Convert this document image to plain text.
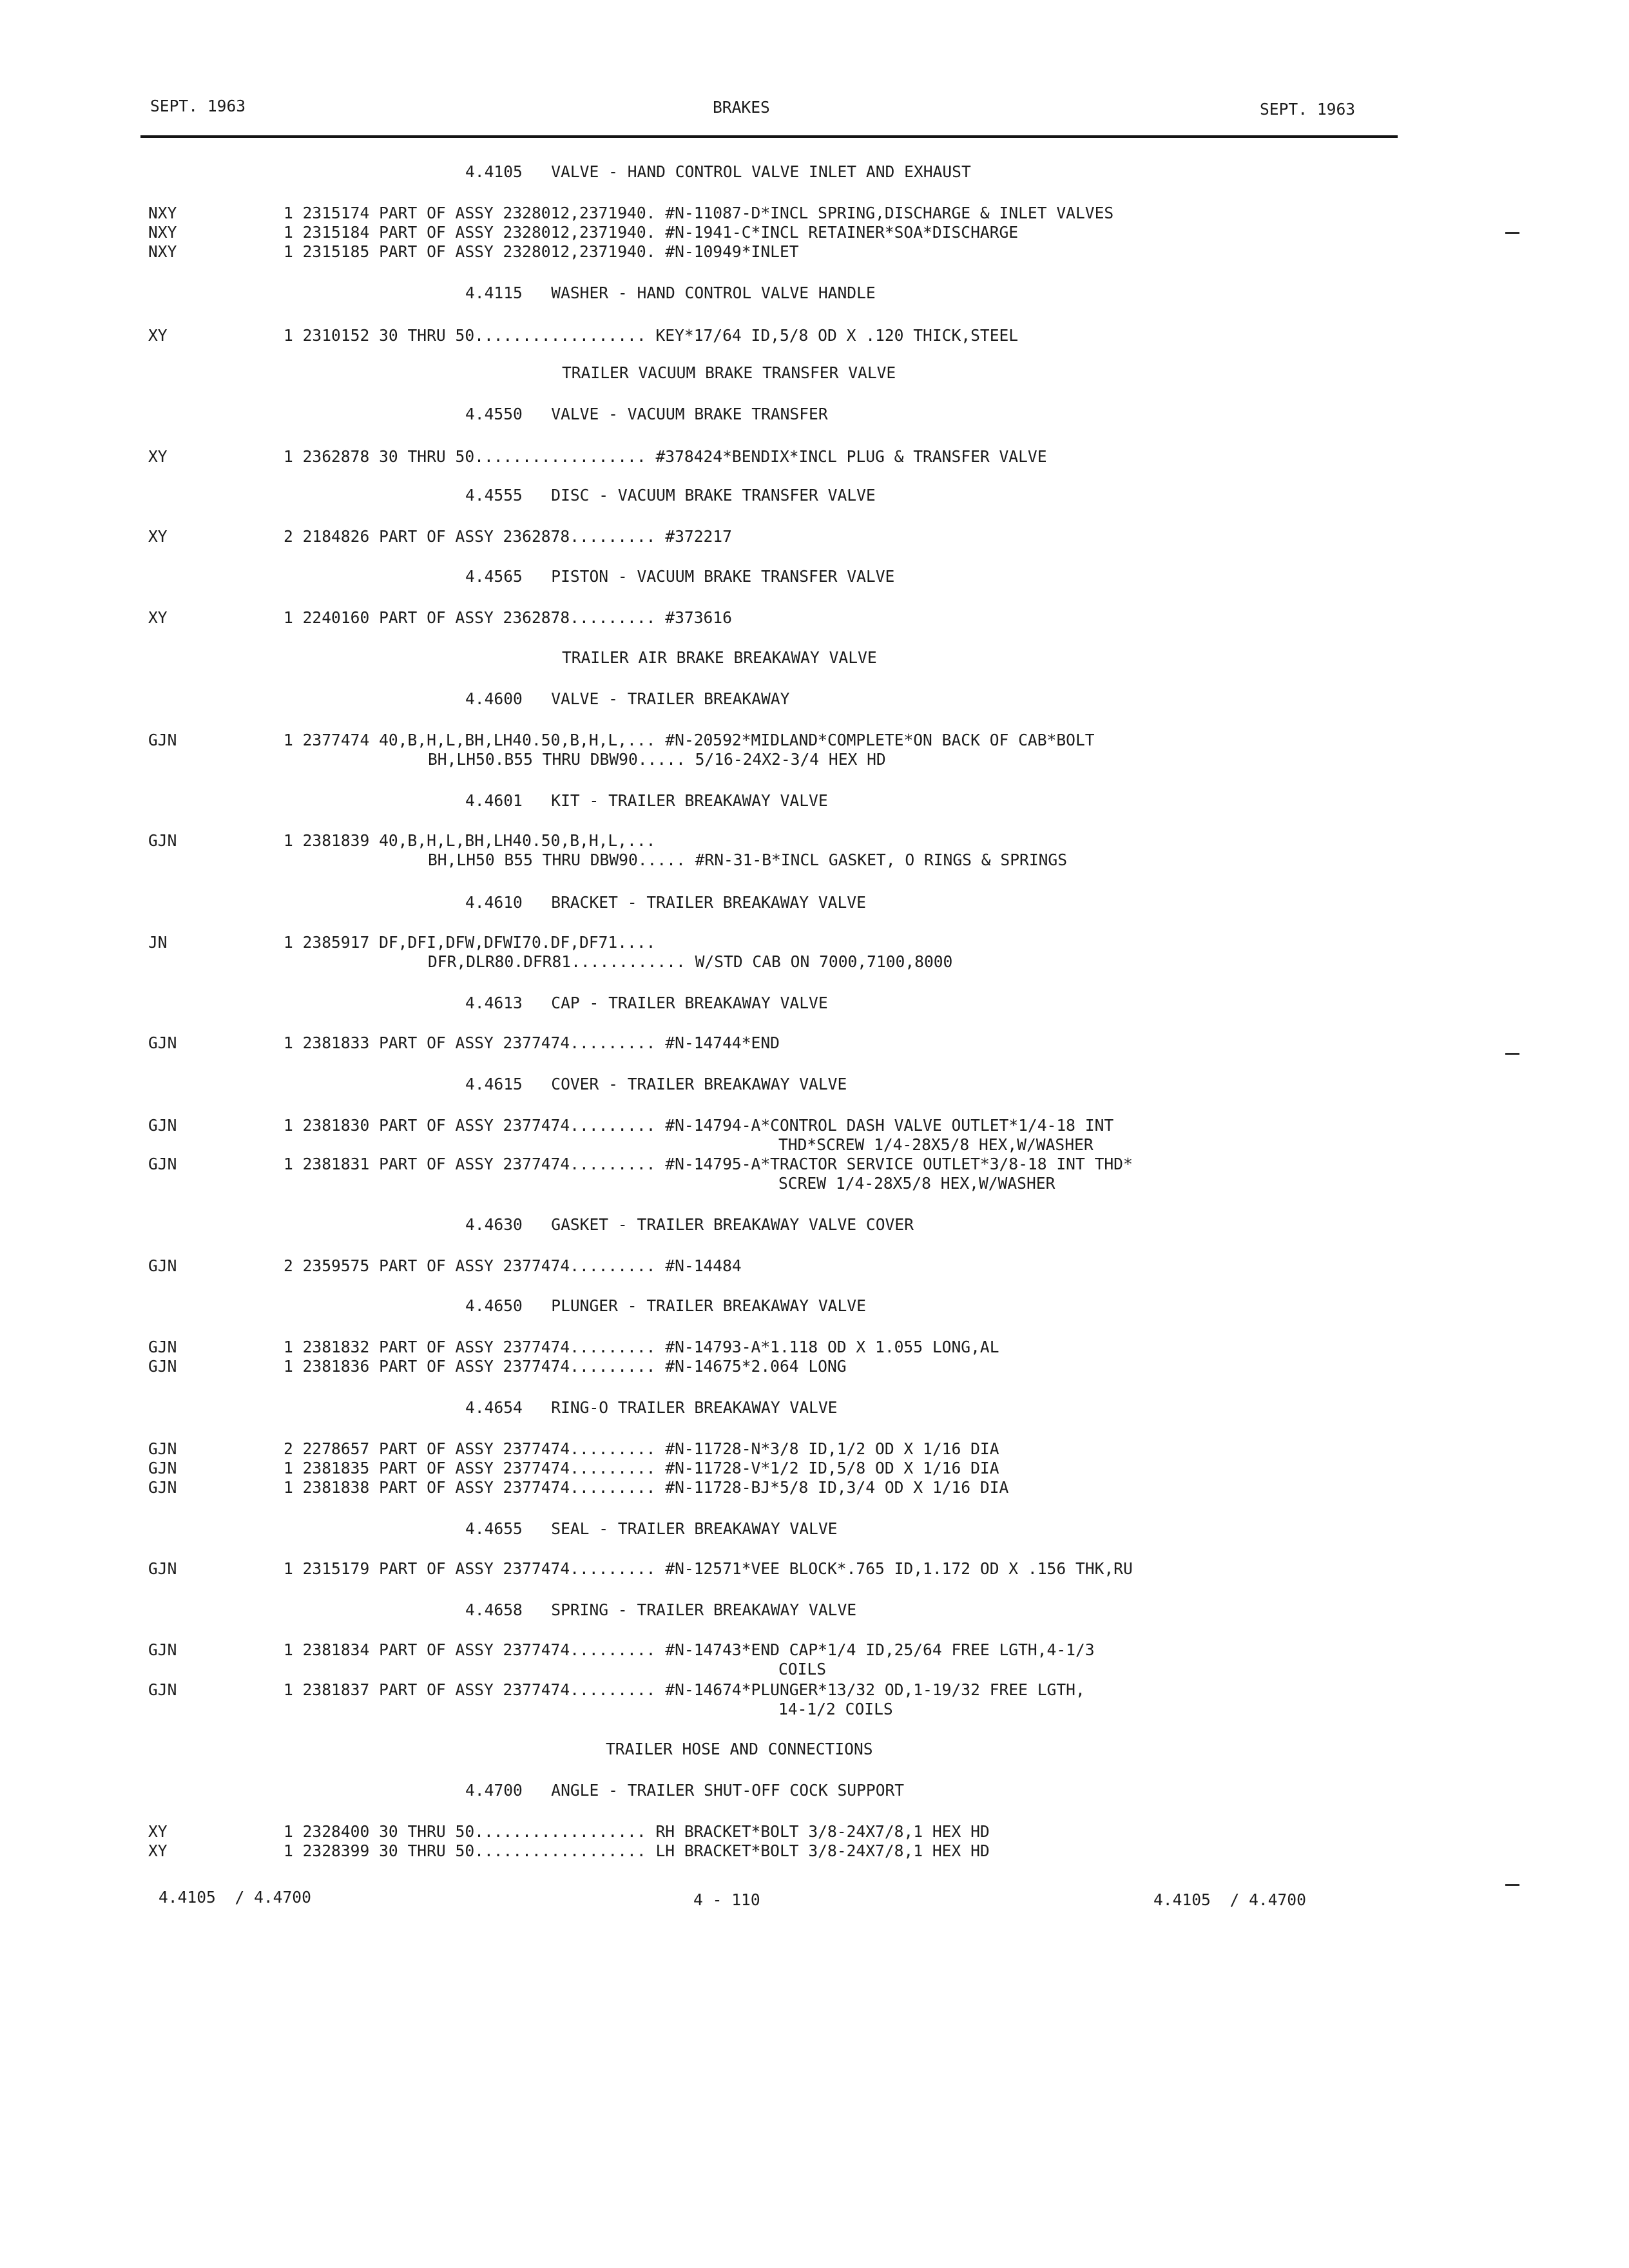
SEPT. 1963	BRAKES	SEPT. 1963
4.4105   VALVE - HAND CONTROL VALVE INLET AND EXHAUST
NXY	1 2315174 PART OF ASSY 2328012,2371940. #N-11087-D*INCL SPRING,DISCHARGE & INLET VALVES
NXY	1 2315184 PART OF ASSY 2328012,2371940. #N-1941-C*INCL RETAINER*SOA*DISCHARGE
NXY	1 2315185 PART OF ASSY 2328012,2371940. #N-10949*INLET
4.4115   WASHER - HAND CONTROL VALVE HANDLE
XY	1 2310152 30 THRU 50.................. KEY*17/64 ID,5/8 OD X .120 THICK,STEEL
TRAILER VACUUM BRAKE TRANSFER VALVE
4.4550   VALVE - VACUUM BRAKE TRANSFER
XY	1 2362878 30 THRU 50.................. #378424*BENDIX*INCL PLUG & TRANSFER VALVE
4.4555   DISC - VACUUM BRAKE TRANSFER VALVE
XY	2 2184826 PART OF ASSY 2362878......... #372217
4.4565   PISTON - VACUUM BRAKE TRANSFER VALVE
XY	1 2240160 PART OF ASSY 2362878......... #373616
TRAILER AIR BRAKE BREAKAWAY VALVE
4.4600   VALVE - TRAILER BREAKAWAY
GJN	1 2377474 40,B,H,L,BH,LH40.50,B,H,L,... #N-20592*MIDLAND*COMPLETE*ON BACK OF CAB*BOLT
BH,LH50.B55 THRU DBW90..... 5/16-24X2-3/4 HEX HD
4.4601   KIT - TRAILER BREAKAWAY VALVE
GJN	1 2381839 40,B,H,L,BH,LH40.50,B,H,L,...
BH,LH50 B55 THRU DBW90..... #RN-31-B*INCL GASKET, O RINGS & SPRINGS
4.4610   BRACKET - TRAILER BREAKAWAY VALVE
JN	1 2385917 DF,DFI,DFW,DFWI70.DF,DF71....
DFR,DLR80.DFR81............ W/STD CAB ON 7000,7100,8000
4.4613   CAP - TRAILER BREAKAWAY VALVE
GJN	1 2381833 PART OF ASSY 2377474......... #N-14744*END
4.4615   COVER - TRAILER BREAKAWAY VALVE
GJN	1 2381830 PART OF ASSY 2377474......... #N-14794-A*CONTROL DASH VALVE OUTLET*1/4-18 INT
THD*SCREW 1/4-28X5/8 HEX,W/WASHER
GJN	1 2381831 PART OF ASSY 2377474......... #N-14795-A*TRACTOR SERVICE OUTLET*3/8-18 INT THD*
SCREW 1/4-28X5/8 HEX,W/WASHER
4.4630   GASKET - TRAILER BREAKAWAY VALVE COVER
GJN	2 2359575 PART OF ASSY 2377474......... #N-14484
4.4650   PLUNGER - TRAILER BREAKAWAY VALVE
GJN	1 2381832 PART OF ASSY 2377474......... #N-14793-A*1.118 OD X 1.055 LONG,AL
GJN	1 2381836 PART OF ASSY 2377474......... #N-14675*2.064 LONG
4.4654   RING-O TRAILER BREAKAWAY VALVE
GJN	2 2278657 PART OF ASSY 2377474......... #N-11728-N*3/8 ID,1/2 OD X 1/16 DIA
GJN	1 2381835 PART OF ASSY 2377474......... #N-11728-V*1/2 ID,5/8 OD X 1/16 DIA
GJN	1 2381838 PART OF ASSY 2377474......... #N-11728-BJ*5/8 ID,3/4 OD X 1/16 DIA
4.4655   SEAL - TRAILER BREAKAWAY VALVE
GJN	1 2315179 PART OF ASSY 2377474......... #N-12571*VEE BLOCK*.765 ID,1.172 OD X .156 THK,RU
4.4658   SPRING - TRAILER BREAKAWAY VALVE
GJN	1 2381834 PART OF ASSY 2377474......... #N-14743*END CAP*1/4 ID,25/64 FREE LGTH,4-1/3
COILS
GJN	1 2381837 PART OF ASSY 2377474......... #N-14674*PLUNGER*13/32 OD,1-19/32 FREE LGTH,
14-1/2 COILS
TRAILER HOSE AND CONNECTIONS
4.4700   ANGLE - TRAILER SHUT-OFF COCK SUPPORT
XY	1 2328400 30 THRU 50.................. RH BRACKET*BOLT 3/8-24X7/8,1 HEX HD
XY	1 2328399 30 THRU 50.................. LH BRACKET*BOLT 3/8-24X7/8,1 HEX HD
4.4105  / 4.4700	4 - 110	4.4105  / 4.4700
